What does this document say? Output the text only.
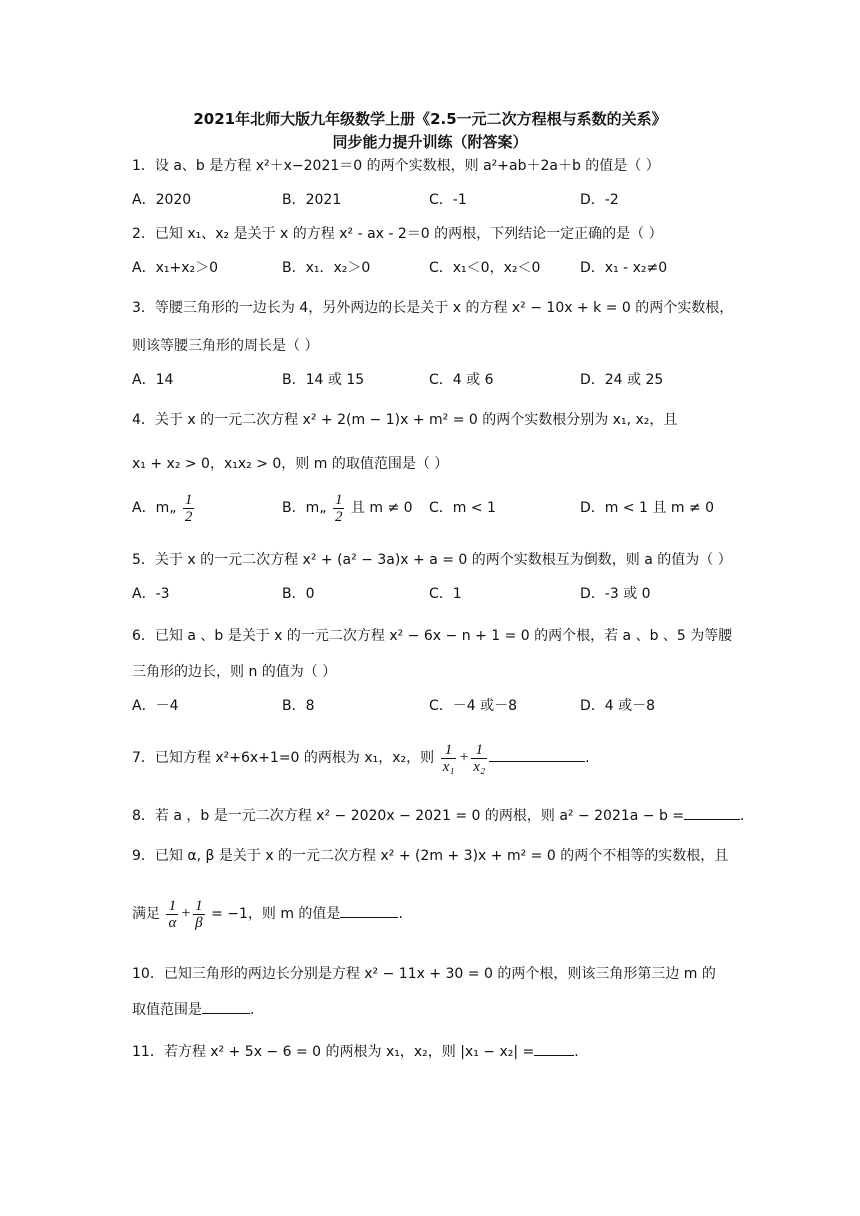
2021年北师大版九年级数学上册《2.5一元二次方程根与系数的关系》
同步能力提升训练（附答案）
1．设 a、b 是方程 x²＋x−2021＝0 的两个实数根，则 a²+ab＋2a＋b 的值是（ ）
A．2020	B．2021	C．-1	D．-2
2．已知 x₁、x₂ 是关于 x 的方程 x² - ax - 2＝0 的两根，下列结论一定正确的是（ ）
A．x₁+x₂＞0	B．x₁．x₂＞0	C．x₁＜0，x₂＜0	D．x₁ - x₂≠0
3．等腰三角形的一边长为 4，另外两边的长是关于 x 的方程 x² − 10x + k = 0 的两个实数根，
则该等腰三角形的周长是（ ）
A．14	B．14 或 15	C．4 或 6	D．24 或 25
4．关于 x 的一元二次方程 x² + 2(m − 1)x + m² = 0 的两个实数根分别为 x₁, x₂，且
x₁ + x₂ > 0，x₁x₂ > 0，则 m 的取值范围是（ ）
A．m„ $\frac{1}{2}$	B．m„ $\frac{1}{2}$ 且 m ≠ 0 C．m < 1	D．m < 1 且 m ≠ 0
5．关于 x 的一元二次方程 x² + (a² − 3a)x + a = 0 的两个实数根互为倒数，则 a 的值为（ ）
A．-3	B．0	C．1	D．-3 或 0
6．已知 a 、b 是关于 x 的一元二次方程 x² − 6x − n + 1 = 0 的两个根，若 a 、b 、5 为等腰
三角形的边长，则 n 的值为（ ）
A．－4	B．8	C．－4 或－8	D．4 或－8
7．已知方程 x²+6x+1=0 的两根为 x₁，x₂，则 $\frac{1}{\text{x₁}} + \frac{1}{\text{x₂}}$	.
8．若 a ，b 是一元二次方程 x² − 2020x − 2021 = 0 的两根，则 a² − 2021a − b =	.
9．已知 α, β 是关于 x 的一元二次方程 x² + (2m + 3)x + m² = 0 的两个不相等的实数根，且
满足 $\frac{1}{\alpha} + \frac{1}{\beta} = -1$，则 m 的值是	.
10．已知三角形的两边长分别是方程 x² − 11x + 30 = 0 的两个根，则该三角形第三边 m 的
取值范围是	.
11．若方程 x² + 5x − 6 = 0 的两根为 x₁，x₂，则 |x₁ − x₂| =	.
